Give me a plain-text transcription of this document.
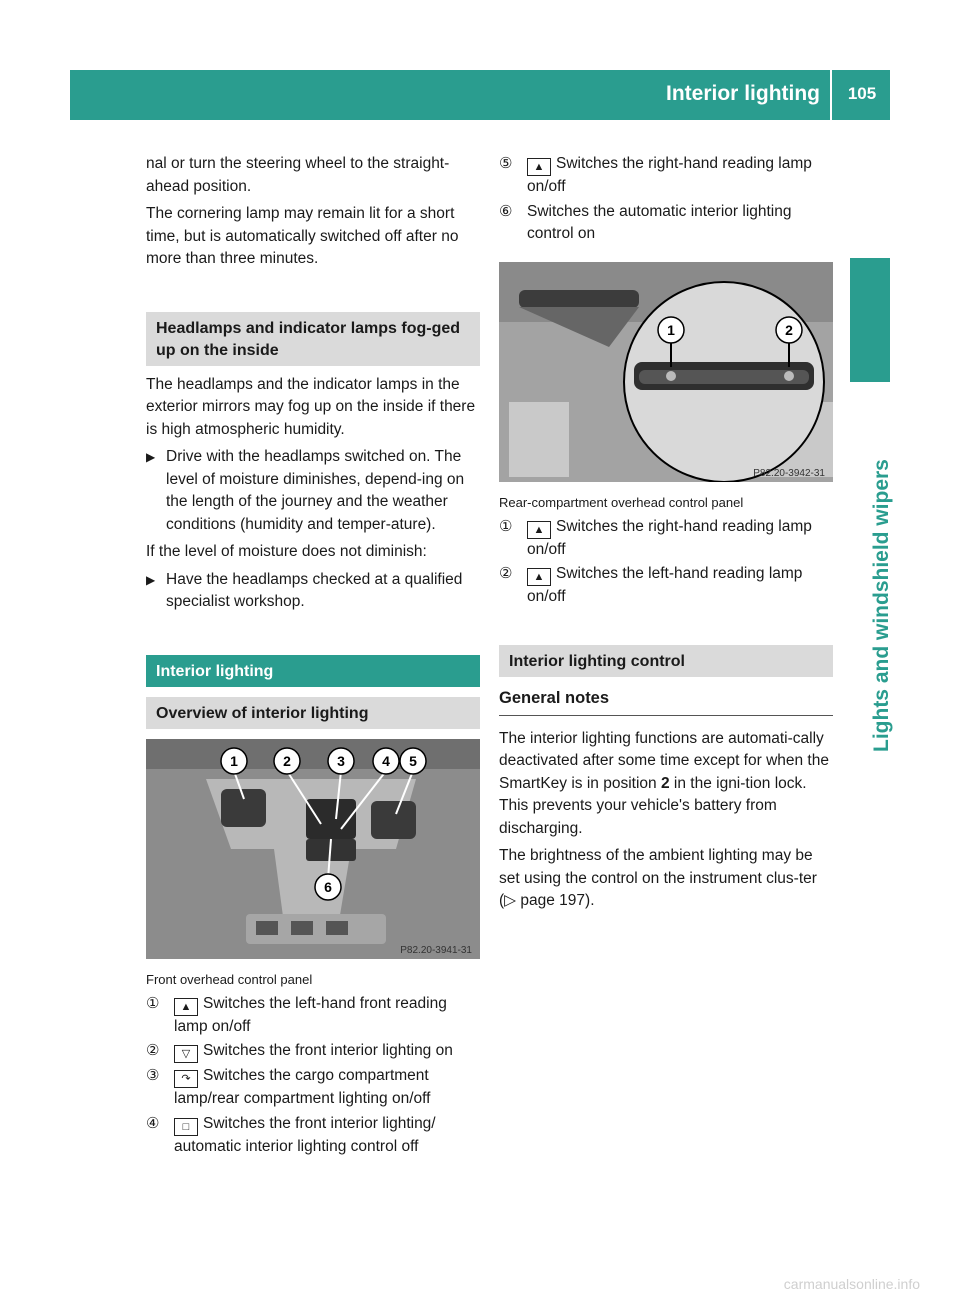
Interior lighting	105
Lights and windshield wipers

nal or turn the steering wheel to the straight-ahead position.

The cornering lamp may remain lit for a short time, but is automatically switched off after no more than three minutes.

Headlamps and indicator lamps fog-ged up on the inside

The headlamps and the indicator lamps in the exterior mirrors may fog up on the inside if there is high atmospheric humidity.

▶ Drive with the headlamps switched on. The level of moisture diminishes, depend-ing on the length of the journey and the weather conditions (humidity and temper-ature).

If the level of moisture does not diminish:

▶ Have the headlamps checked at a qualified specialist workshop.
Interior lighting
Overview of interior lighting
1	2	3	4 5
6
P82.20-3941-31
Front overhead control panel
① ▲ Switches the left-hand front reading lamp on/off
② ▽ Switches the front interior lighting on
③ ↷ Switches the cargo compartment lamp/rear compartment lighting on/off
④ □ Switches the front interior lighting/ automatic interior lighting control off
⑤ ▲ Switches the right-hand reading lamp on/off
⑥ Switches the automatic interior lighting control on
1	2
P82.20-3942-31
Rear-compartment overhead control panel
① ▲ Switches the right-hand reading lamp on/off
② ▲ Switches the left-hand reading lamp on/off
Interior lighting control
General notes

The interior lighting functions are automati-cally deactivated after some time except for when the SmartKey is in position 2 in the igni-tion lock. This prevents your vehicle's battery from discharging.

The brightness of the ambient lighting may be set using the control on the instrument clus-ter (▷ page 197).

carmanualsonline.info
